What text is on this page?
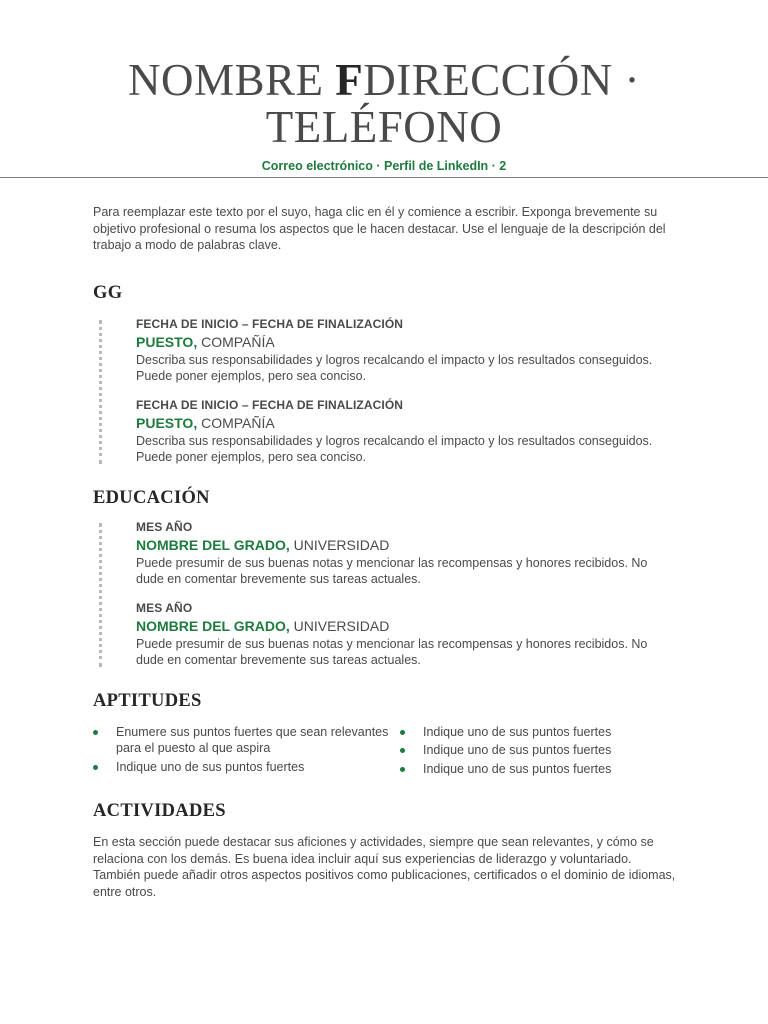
NOMBRE FDIRECCIÓN · TELÉFONO
Correo electrónico · Perfil de LinkedIn · 2

Para reemplazar este texto por el suyo, haga clic en él y comience a escribir. Exponga brevemente su objetivo profesional o resuma los aspectos que le hacen destacar. Use el lenguaje de la descripción del trabajo a modo de palabras clave.

GG
FECHA DE INICIO – FECHA DE FINALIZACIÓN
PUESTO, COMPAÑÍA
Describa sus responsabilidades y logros recalcando el impacto y los resultados conseguidos. Puede poner ejemplos, pero sea conciso.
FECHA DE INICIO – FECHA DE FINALIZACIÓN
PUESTO, COMPAÑÍA
Describa sus responsabilidades y logros recalcando el impacto y los resultados conseguidos. Puede poner ejemplos, pero sea conciso.
EDUCACIÓN
MES AÑO
NOMBRE DEL GRADO, UNIVERSIDAD
Puede presumir de sus buenas notas y mencionar las recompensas y honores recibidos. No dude en comentar brevemente sus tareas actuales.
MES AÑO
NOMBRE DEL GRADO, UNIVERSIDAD
Puede presumir de sus buenas notas y mencionar las recompensas y honores recibidos. No dude en comentar brevemente sus tareas actuales.
APTITUDES
Enumere sus puntos fuertes que sean relevantes para el puesto al que aspira
Indique uno de sus puntos fuertes
Indique uno de sus puntos fuertes
Indique uno de sus puntos fuertes
Indique uno de sus puntos fuertes
ACTIVIDADES

En esta sección puede destacar sus aficiones y actividades, siempre que sean relevantes, y cómo se relaciona con los demás. Es buena idea incluir aquí sus experiencias de liderazgo y voluntariado. También puede añadir otros aspectos positivos como publicaciones, certificados o el dominio de idiomas, entre otros.
